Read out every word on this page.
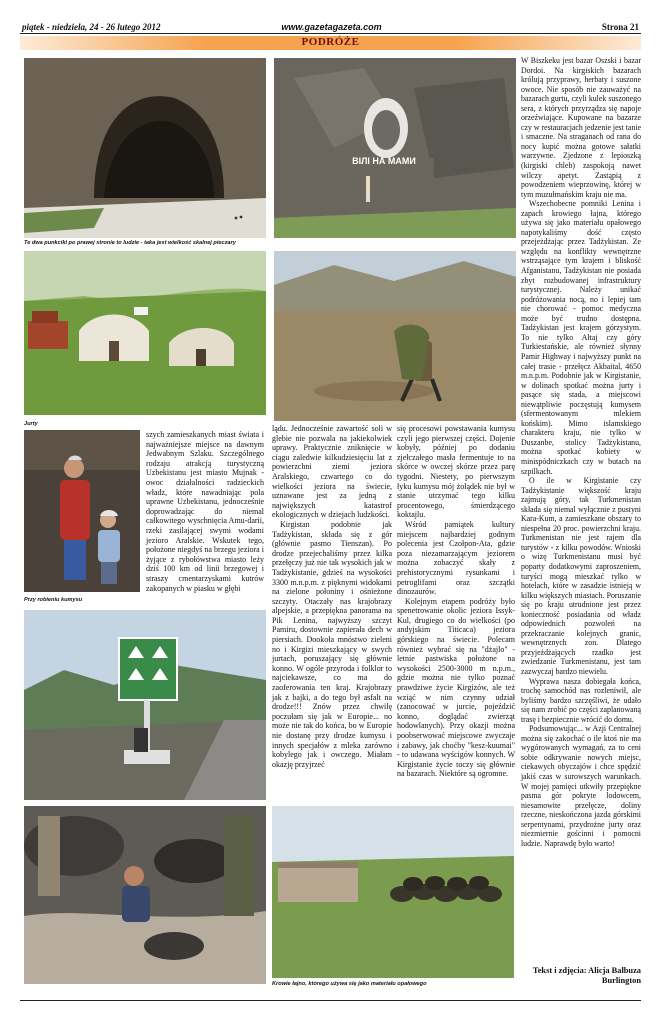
piątek - niedziela, 24 - 26 lutego 2012	www.gazetagazeta.com	Strona 21
PODRÓŻE
Te dwa punkciki po prawej stronie to ludzie - taka jest wielkość skalnej pieczary
ВІЛІ НА МАМИ
Jurty
Przy robieniu kumysu

szych zamieszkanych miast świata i najważniejsze miejsce na dawnym Jedwabnym Szlaku. Szczególnego rodzaju atrakcją turystyczną Uzbekistanu jest miasto Mujnak - owoc działalności radzieckich władz, które nawadniając pola uprawne Uzbekistanu, jednocześnie doprowadzając do niemal całkowitego wyschnięcia Amu-darii, rzeki zasilającej swymi wodami jezioro Aralskie. Wskutek tego, położone niegdyś na brzegu jeziora i żyjące z rybołówstwa miasto leży dziś 100 km od linii brzegowej i straszy cmentarzyskami kutrów zakopanych w piasku w głębi

lądu. Jednocześnie zawartość soli w glebie nie pozwala na jakiekolwiek uprawy. Praktycznie zniknięcie w ciągu zaledwie kilkudziesięciu lat z powierzchni ziemi jeziora Aralskiego, czwartego co do wielkości jeziora na świecie, uznawane jest za jedną z największych katastrof ekologicznych w dziejach ludzkości.

Kirgistan podobnie jak Tadżykistan, składa się z gór (głównie pasmo Tienszan). Po drodze przejechaliśmy przez kilka przełęczy już nie tak wysokich jak w Tadżykistanie, gdzieś na wysokości 3300 m.n.p.m. z pięknymi widokami na zielone połoniny i ośnieżone szczyty. Otaczały nas krajobrazy alpejskie, a przepiękna panorama na Pik Lenina, najwyższy szczyt Pamiru, dostownie zapierała dech w piersiach. Dookoła mnóstwo zieleni no i Kirgizi mieszkający w swych jurtach, poruszający się głównie konno. W ogóle przyroda i folklor to najciekawsze, co ma do zaoferowania ten kraj. Krajobrazy jak z bajki, a do tego był asfalt na drodze!!! Znów przez chwilę poczułam się jak w Europie... no może nie tak do końca, bo w Europie nie dostanę przy drodze kumysu i innych specjałów z mleka zarówno kobylego jak i owczego. Miałam okazję przyjrzeć

się procesowi powstawania kumysu czyli jego pierwszej części. Dojenie kobyły, później po dodaniu zjełczałego masła fermentuje to na skórce w owczej skórze przez parę tygodni. Niestety, po pierwszym łyku kumysu mój żołądek nie był w stanie utrzymać tego kilku procentowego, śmierdzącego koktajlu.

Wśród pamiątek kultury miejscem najbardziej godnym polecenia jest Czołpon-Ata, gdzie poza niezamarzającym jeziorem można zobaczyć skały z prehistorycznymi rysunkami i petroglifami oraz szczątki dinozaurów.

Kolejnym etapem podróży było spenetrowanie okolic jeziora Issyk-Kul, drugiego co do wielkości (po andyjskim Titicaca) jeziora górskiego na świecie. Polecam również wybrać się na "dżajlo" - letnie pastwiska położone na wysokości 2500-3000 m n.p.m., gdzie można nie tylko poznać prawdziwe życie Kirgizów, ale też wziąć w nim czynny udział (zanocować w jurcie, pojeździć konno, doglądać zwierząt hodowlanych). Przy okazji można poobserwować miejscowe zwyczaje i zabawy, jak choćby "kesz-kuumai" - to udawana wyścigów konnych. W Kirgistanie życie toczy się głównie na bazarach. Niektóre są ogromne.

Krowie łajno, którego używa się jako materiału opałowego

W Biszkeku jest bazar Oszski i bazar Dordoi. Na kirgiskich bazarach królują przyprawy, herbaty i suszone owoce. Nie sposób nie zauważyć na bazarach gurtu, czyli kulek suszonego sera, z których przyrządza się napoje orzeźwiające. Kupowane na bazarze czy w restauracjach jedzenie jest tanie i smaczne. Na straganach od rana do nocy kupić można gotowe sałatki warzywne. Zjedzone z lepioszką (kirgiski chleb) zaspokoją nawet wilczy apetyt. Zastąpią z powodzeniem wieprzowinę, której w tym muzułmańskim kraju nie ma.

Wszechobecne pomniki Lenina i zapach krowiego łajna, którego używa się jako materiału opałowego napotykaliśmy dość często przejeżdżając przez Tadżykistan. Ze względu na konflikty wewnętrzne wstrząsające tym krajem i bliskość Afganistanu, Tadżykistan nie posiada zbyt rozbudowanej infrastruktury turystycznej. Należy unikać podróżowania nocą, no i lepiej tam nie chorować - pomoc medyczna może być trudno dostępna. Tadżykistan jest krajem górzystym. To nie tylko Ałtaj czy góry Turkiestańskie, ale również słynny Pamir Highway i najwyższy punkt na całej trasie - przełęcz Akbaital, 4650 m.n.p.m. Podobnie jak w Kirgistanie, w dolinach spotkać można jurty i pasące się stada, a miejscowi niewątpliwie poczęstują kumysem (sfermentowanym mlekiem końskim). Mimo islamskiego charakteru kraju, nie tylko w Duszanbe, stolicy Tadżykistanu, można spotkać kobiety w minispódniczkach czy w butach na szpilkach.

O ile w Kirgistanie czy Tadżykistanie większość kraju zajmują góry, tak Turkmenistan składa się niemal wyłącznie z pustyni Kara-Kum, a zamieszkane obszary to niespełna 20 proc. powierzchni kraju. Turkmenistan nie jest rajem dla turystów - z kilku powodów. Wnioski o wizę Turkmenistanu musi być poparty dodatkowymi zaproszeniem, turyści mogą mieszkać tylko w hotelach, które w zasadzie istnieją w kilku większych miastach. Poruszanie się po kraju utrudnione jest przez konieczność posiadania od władz odpowiednich pozwoleń na przekraczanie kolejnych granic, wewnętrznych zon. Dlatego przyjeżdżających rzadko jest zwiedzanie Turkmenistanu, jest tam zazwyczaj bardzo niewielu.

Wyprawa nasza dobiegała końca, trochę samochód nas rozleniwił, ale byliśmy bardzo szczęśliwi, że udało się nam zrobić po części zaplanowaną trasę i bezpiecznie wrócić do domu.

Podsumowując... w Azji Centralnej można się zakochać o ile ktoś nie ma wygórowanych wymagań, za to ceni sobie odkrywanie nowych miejsc, ciekawych obyczajów i chce spędzić jakiś czas w surowszych warunkach. W mojej pamięci utkwiły przepiękne pasma gór pokryte lodowcem, niesamowite przełęcze, doliny rzeczne, nieskończona jazda górskimi serpentynami, przydrożne jurty oraz niezmiernie gościnni i pomocni ludzie. Naprawdę było warto!

Tekst i zdjęcia: Alicja Balbuza
Burlington
